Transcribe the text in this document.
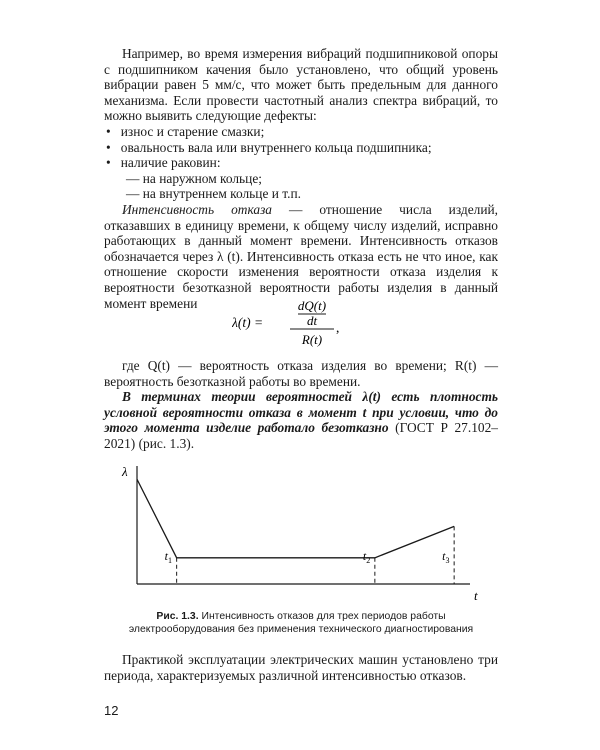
Например, во время измерения вибраций подшипниковой опоры с подшипником качения было установлено, что общий уровень вибрации равен 5 мм/с, что может быть предельным для данного механизма. Если провести частотный анализ спектра вибраций, то можно выявить следующие дефекты:

• износ и старение смазки;
• овальность вала или внутреннего кольца подшипника;
• наличие раковин:
— на наружном кольце;
— на внутреннем кольце и т.п.

Интенсивность отказа — отношение числа изделий, отказавших в единицу времени, к общему числу изделий, исправно работающих в данный момент времени. Интенсивность отказов обозначается через λ (t). Интенсивность отказа есть не что иное, как отношение скорости изменения вероятности отказа изделия к вероятности безотказной вероятности работы изделия в данный момент времени

λ(t) =
dQ(t)
dt
R(t)
,

где Q(t) — вероятность отказа изделия во времени; R(t) — вероятность безотказной работы во времени.

В терминах теории вероятностей λ(t) есть плотность условной вероятности отказа в момент t при условии, что до этого момента изделие работало безотказно (ГОСТ Р 27.102–2021) (рис. 1.3).

λ
t
$t_1$	$t_2$	$t_3$
Рис. 1.3. Интенсивность отказов для трех периодов работы электрооборудования без применения технического диагностирования

Практикой эксплуатации электрических машин установлено три периода, характеризуемых различной интенсивностью отказов.

12
